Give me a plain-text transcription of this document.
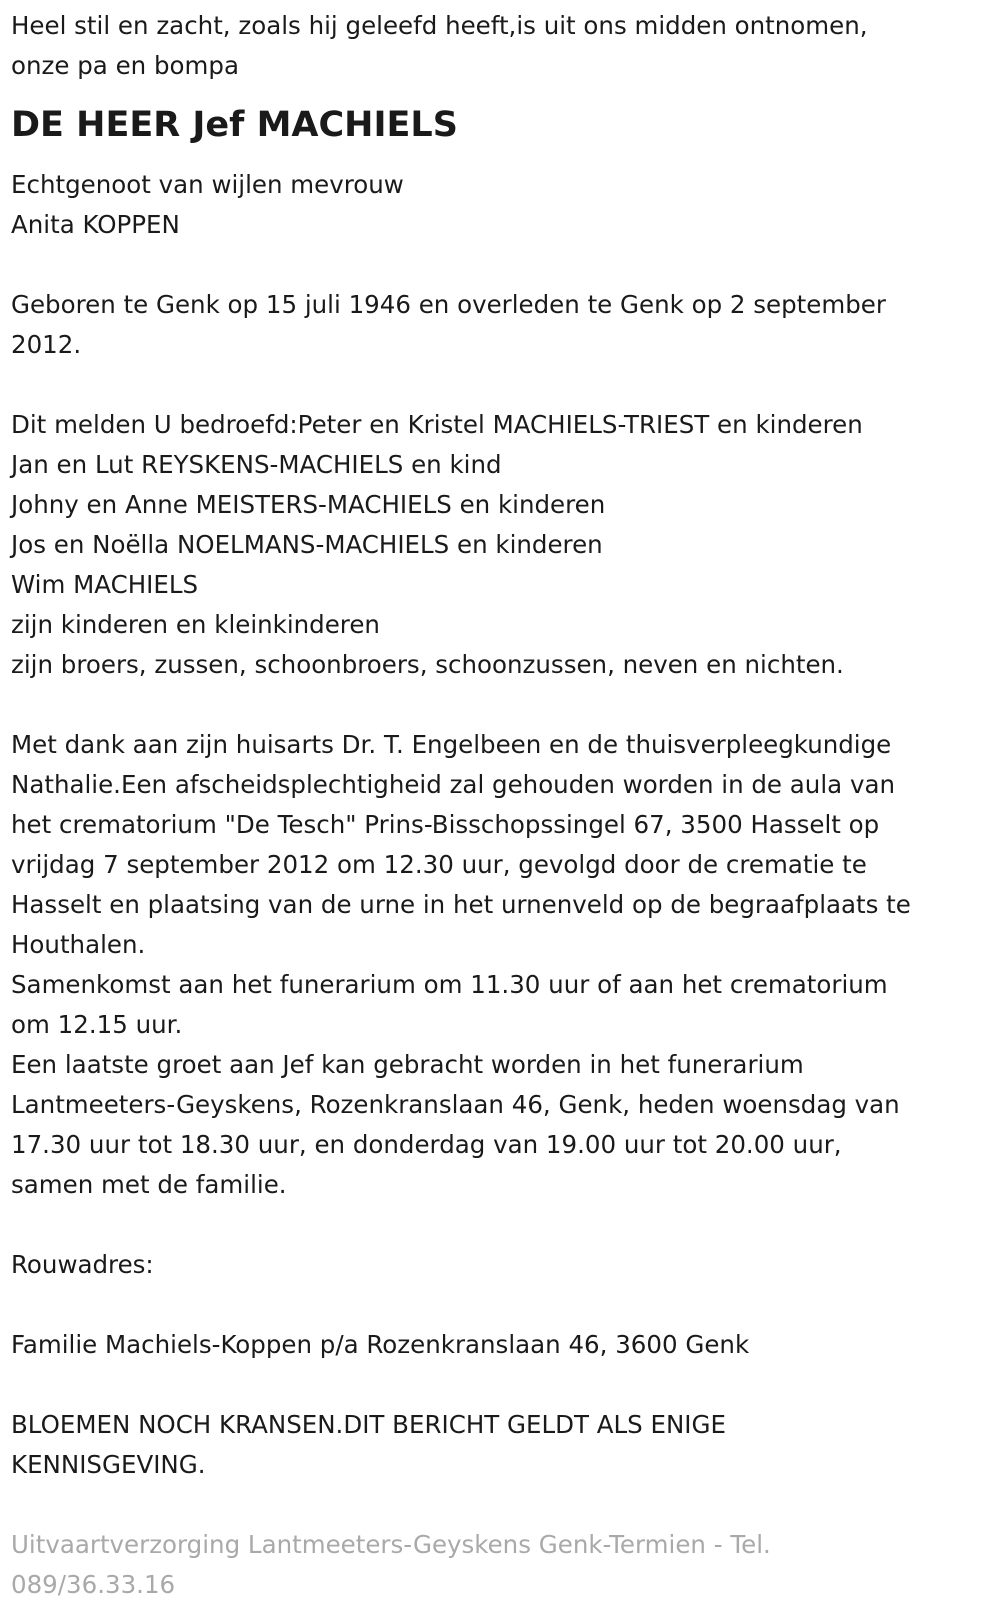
Heel stil en zacht, zoals hij geleefd heeft,is uit ons midden ontnomen,

onze pa en bompa

DE HEER Jef MACHIELS

Echtgenoot van wijlen mevrouw

Anita KOPPEN

Geboren te Genk op 15 juli 1946 en overleden te Genk op 2 september

2012.

Dit melden U bedroefd:Peter en Kristel MACHIELS-TRIEST en kinderen

Jan en Lut REYSKENS-MACHIELS en kind

Johny en Anne MEISTERS-MACHIELS en kinderen

Jos en Noëlla NOELMANS-MACHIELS en kinderen

Wim MACHIELS

zijn kinderen en kleinkinderen

zijn broers, zussen, schoonbroers, schoonzussen, neven en nichten.

Met dank aan zijn huisarts Dr. T. Engelbeen en de thuisverpleegkundige

Nathalie.Een afscheidsplechtigheid zal gehouden worden in de aula van

het crematorium "De Tesch" Prins-Bisschopssingel 67, 3500 Hasselt op

vrijdag 7 september 2012 om 12.30 uur, gevolgd door de crematie te

Hasselt en plaatsing van de urne in het urnenveld op de begraafplaats te

Houthalen.

Samenkomst aan het funerarium om 11.30 uur of aan het crematorium

om 12.15 uur.

Een laatste groet aan Jef kan gebracht worden in het funerarium

Lantmeeters-Geyskens, Rozenkranslaan 46, Genk, heden woensdag van

17.30 uur tot 18.30 uur, en donderdag van 19.00 uur tot 20.00 uur,

samen met de familie.

Rouwadres:

Familie Machiels-Koppen p/a Rozenkranslaan 46, 3600 Genk

BLOEMEN NOCH KRANSEN.DIT BERICHT GELDT ALS ENIGE

KENNISGEVING.

Uitvaartverzorging Lantmeeters-Geyskens Genk-Termien - Tel.

089/36.33.16
